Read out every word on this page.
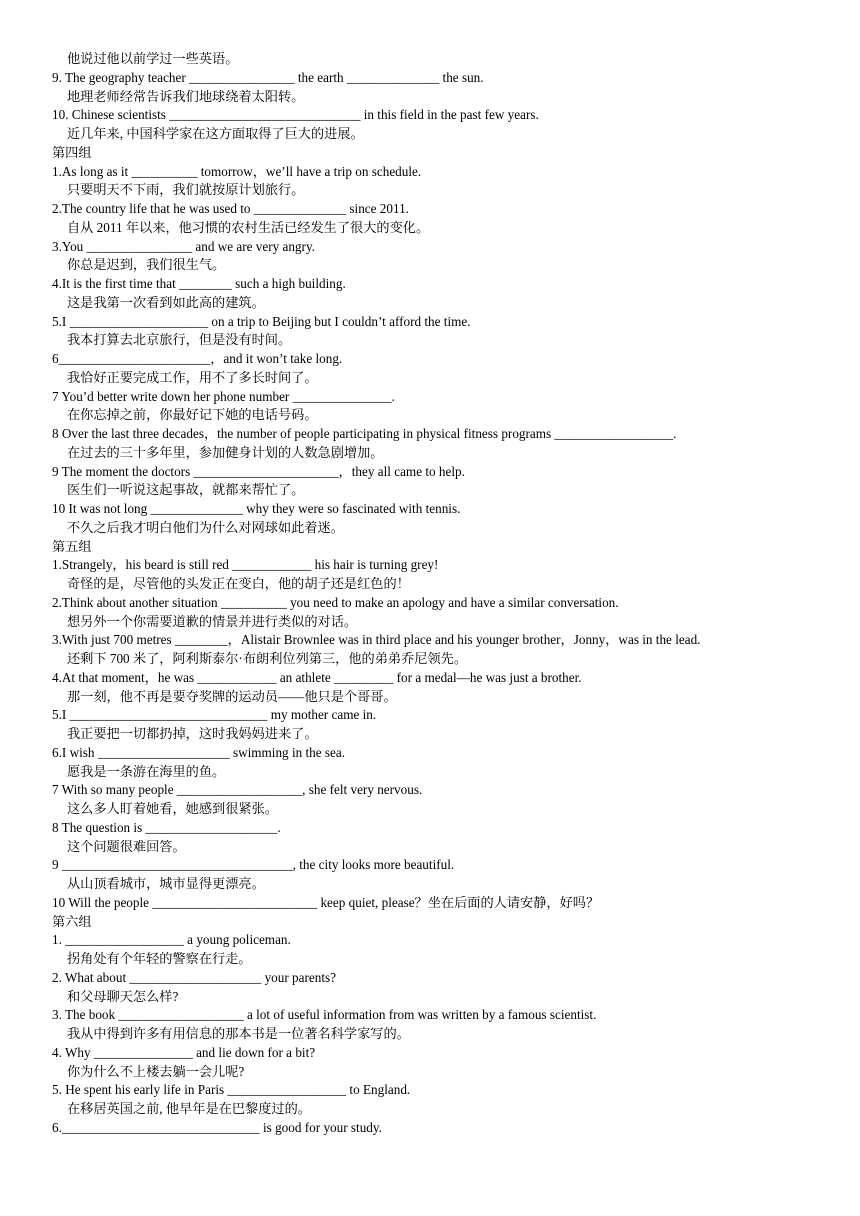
他说过他以前学过一些英语。
9. The geography teacher ________________ the earth ______________ the sun.
地理老师经常告诉我们地球绕着太阳转。
10. Chinese scientists _____________________________ in this field in the past few years.
近几年来, 中国科学家在这方面取得了巨大的进展。
第四组
1.As long as it __________ tomorrow，we’ll have a trip on schedule.
只要明天不下雨，我们就按原计划旅行。
2.The country life that he was used to ______________ since 2011.
自从 2011 年以来，他习惯的农村生活已经发生了很大的变化。
3.You ________________ and we are very angry.
你总是迟到，我们很生气。
4.It is the first time that ________ such a high building.
这是我第一次看到如此高的建筑。
5.I _____________________ on a trip to Beijing but I couldn’t afford the time.
我本打算去北京旅行，但是没有时间。
6_______________________，and it won’t take long.
我恰好正要完成工作，用不了多长时间了。
7 You’d better write down her phone number _______________.
在你忘掉之前，你最好记下她的电话号码。
8 Over the last three decades，the number of people participating in physical fitness programs __________________.
在过去的三十多年里，参加健身计划的人数急剧增加。
9 The moment the doctors ______________________，they all came to help.
医生们一听说这起事故，就都来帮忙了。
10 It was not long ______________ why they were so fascinated with tennis.
不久之后我才明白他们为什么对网球如此着迷。
第五组
1.Strangely，his beard is still red ____________ his hair is turning grey!
奇怪的是，尽管他的头发正在变白，他的胡子还是红色的！
2.Think about another situation __________ you need to make an apology and have a similar conversation.
想另外一个你需要道歉的情景并进行类似的对话。
3.With just 700 metres ________，Alistair Brownlee was in third place and his younger brother，Jonny，was in the lead.
还剩下 700 米了，阿利斯泰尔·布朗利位列第三，他的弟弟乔尼领先。
4.At that moment，he was ____________ an athlete _________ for a medal—he was just a brother.
那一刻，他不再是要夺奖牌的运动员——他只是个哥哥。
5.I ______________________________ my mother came in.
我正要把一切都扔掉，这时我妈妈进来了。
6.I wish ____________________ swimming in the sea.
愿我是一条游在海里的鱼。
7 With so many people ___________________, she felt very nervous.
这么多人盯着她看，她感到很紧张。
8 The question is ____________________.
这个问题很难回答。
9 ___________________________________, the city looks more beautiful.
从山顶看城市，城市显得更漂亮。
10 Will the people _________________________ keep quiet, please？坐在后面的人请安静，好吗？
第六组
1. __________________ a young policeman.
拐角处有个年轻的警察在行走。
2. What about ____________________ your parents?
和父母聊天怎么样?
3. The book ___________________ a lot of useful information from was written by a famous scientist.
我从中得到许多有用信息的那本书是一位著名科学家写的。
4. Why _______________ and lie down for a bit?
你为什么不上楼去躺一会儿呢?
5. He spent his early life in Paris __________________ to England.
在移居英国之前, 他早年是在巴黎度过的。
6.______________________________ is good for your study.
